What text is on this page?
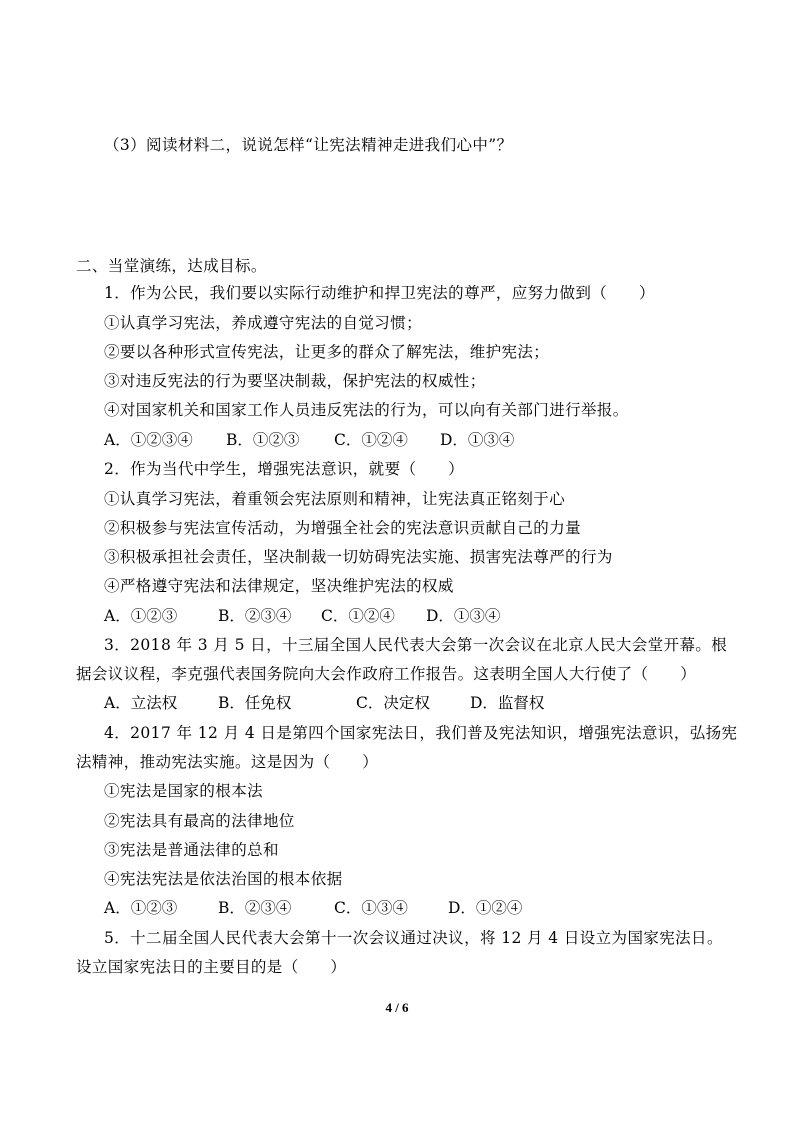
（3）阅读材料二，说说怎样“让宪法精神走进我们心中”？
二、当堂演练，达成目标。
1．作为公民，我们要以实际行动维护和捍卫宪法的尊严，应努力做到（　　）
①认真学习宪法，养成遵守宪法的自觉习惯；
②要以各种形式宣传宪法，让更多的群众了解宪法，维护宪法；
③对违反宪法的行为要坚决制裁，保护宪法的权威性；
④对国家机关和国家工作人员违反宪法的行为，可以向有关部门进行举报。
A．①②③④ B．①②③ C．①②④ D．①③④
2．作为当代中学生，增强宪法意识，就要（　　）
①认真学习宪法，着重领会宪法原则和精神，让宪法真正铭刻于心
②积极参与宪法宣传活动，为增强全社会的宪法意识贡献自己的力量
③积极承担社会责任，坚决制裁一切妨碍宪法实施、损害宪法尊严的行为
④严格遵守宪法和法律规定，坚决维护宪法的权威
A．①②③	B．②③④ C．①②④ D．①③④
3．2018 年 3 月 5 日，十三届全国人民代表大会第一次会议在北京人民大会堂开幕。根
据会议议程，李克强代表国务院向大会作政府工作报告。这表明全国人大行使了（　　）
A．立法权	B．任免权	C．决定权	D．监督权
4．2017 年 12 月 4 日是第四个国家宪法日，我们普及宪法知识，增强宪法意识，弘扬宪
法精神，推动宪法实施。这是因为（　　）
①宪法是国家的根本法
②宪法具有最高的法律地位
③宪法是普通法律的总和
④宪法宪法是依法治国的根本依据
A．①②③	B．②③④	C．①③④	D．①②④
5．十二届全国人民代表大会第十一次会议通过决议，将 12 月 4 日设立为国家宪法日。
设立国家宪法日的主要目的是（　　）
4 / 6
